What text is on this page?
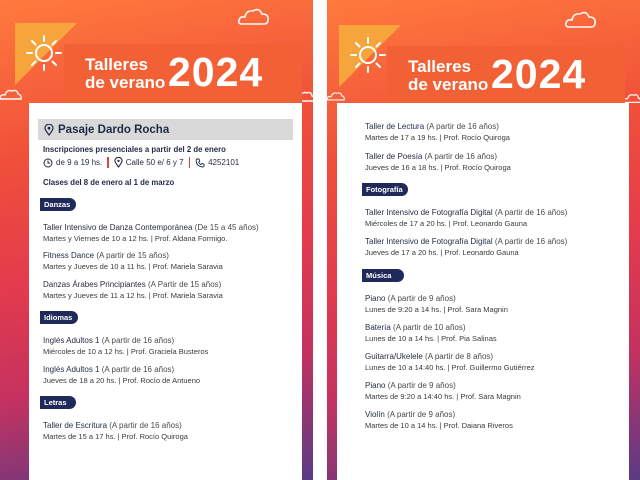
Talleres
de verano 2024
Pasaje Dardo Rocha
Inscripciones presenciales a partir del 2 de enero
de 9 a 19 hs.	Calle 50 e/ 6 y 7	4252101
Clases del 8 de enero al 1 de marzo
Danzas
Taller Intensivo de Danza Contemporánea (De 15 a 45 años)
Martes y Viernes de 10 a 12 hs. | Prof. Aldana Formigo.
Fitness Dance (A partir de 15 años)
Martes y Jueves de 10 a 11 hs. | Prof. Mariela Saravia
Danzas Árabes Principiantes (A Partir de 15 años)
Martes y Jueves de 11 a 12 hs. | Prof. Mariela Saravia
Idiomas
Inglés Adultos 1 (A partir de 16 años)
Miércoles de 10 a 12 hs. | Prof. Graciela Busteros
Inglés Adultos 1 (A partir de 16 años)
Jueves de 18 a 20 hs. | Prof. Rocío de Antueno
Letras
Taller de Escritura (A partir de 16 años)
Martes de 15 a 17 hs. | Prof. Rocío Quiroga
Talleres
de verano 2024
Taller de Lectura (A partir de 16 años)
Martes de 17 a 19 hs. | Prof. Rocío Quiroga
Taller de Poesía (A partir de 16 años)
Jueves de 16 a 18 hs. | Prof. Rocío Quiroga
Fotografía
Taller Intensivo de Fotografía Digital (A partir de 16 años)
Miércoles de 17 a 20 hs. | Prof. Leonardo Gauna
Taller Intensivo de Fotografía Digital (A partir de 16 años)
Jueves de 17 a 20 hs. | Prof. Leonardo Gauna
Música
Piano (A partir de 9 años)
Lunes de 9:20 a 14 hs. | Prof. Sara Magnin
Batería (A partir de 10 años)
Lunes de 10 a 14 hs. | Prof. Pia Salinas
Guitarra/Ukelele (A partir de 8 años)
Lunes de 10 a 14:40 hs. | Prof. Guillermo Gutiérrez
Piano (A partir de 9 años)
Martes de 9:20 a 14:40 hs. | Prof. Sara Magnin
Violín (A partir de 9 años)
Martes de 10 a 14 hs. | Prof. Daiana Riveros
